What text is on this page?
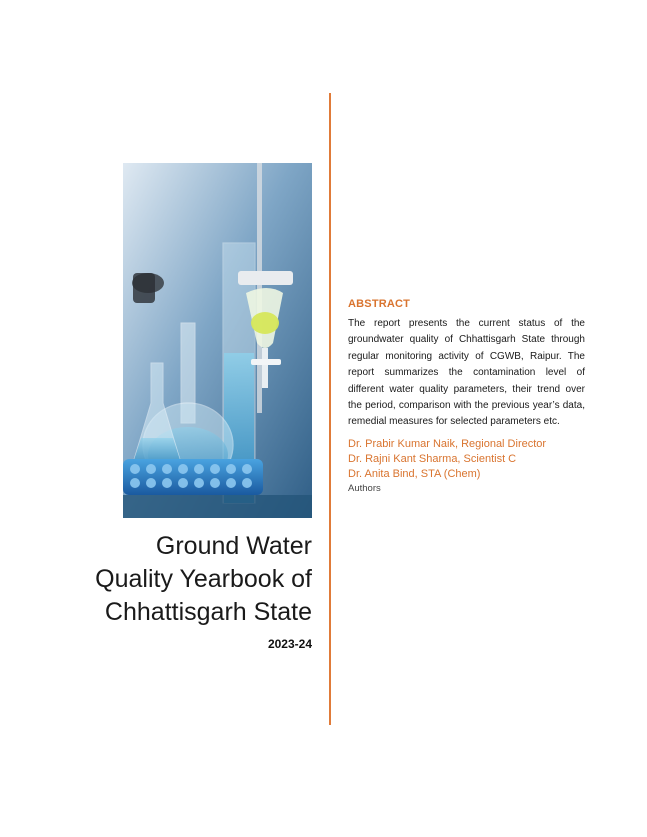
Ground Water
Quality Yearbook of
Chhattisgarh State
2023-24
ABSTRACT

The report presents the current status of the groundwater quality of Chhattisgarh State through regular monitoring activity of CGWB, Raipur. The report summarizes the contamination level of different water quality parameters, their trend over the period, comparison with the previous year’s data, remedial measures for selected parameters etc.

Dr. Prabir Kumar Naik, Regional Director

Dr. Rajni Kant Sharma, Scientist C

Dr. Anita Bind, STA (Chem)

Authors
